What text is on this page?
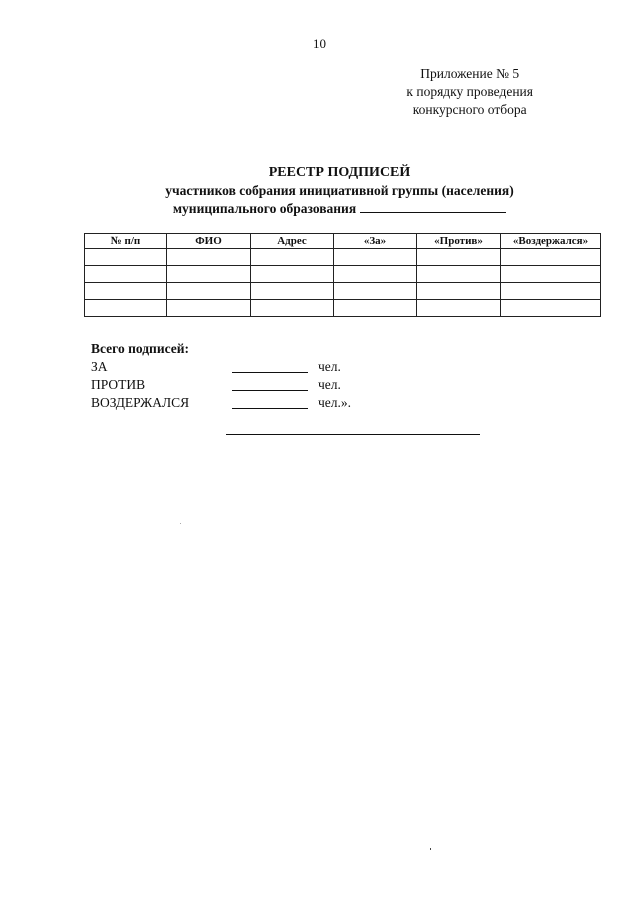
10
Приложение № 5
к порядку проведения
конкурсного отбора
РЕЕСТР ПОДПИСЕЙ
участников собрания инициативной группы (населения)
муниципального образования
№ п/п	ФИО	Адрес	«За»	«Против»	«Воздержался»

Всего подписей:
ЗА	чел.
ПРОТИВ	чел.
ВОЗДЕРЖАЛСЯ	чел.».
